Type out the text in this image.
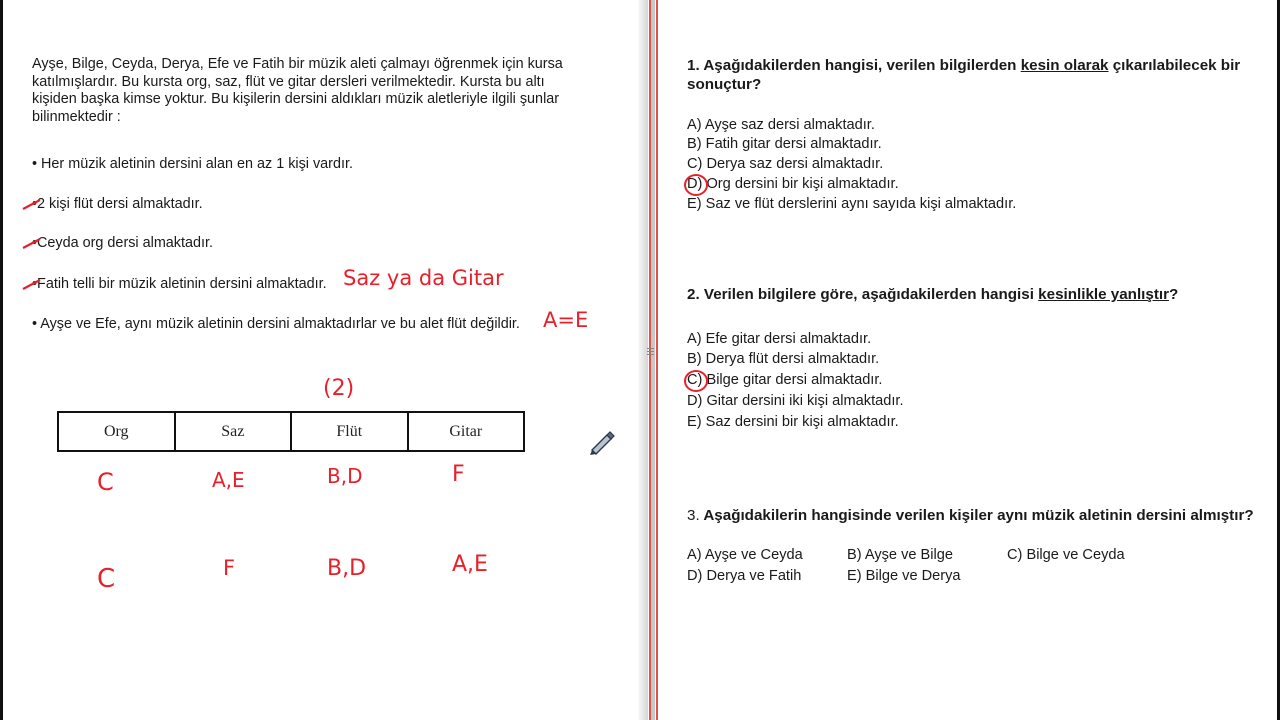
Ayşe, Bilge, Ceyda, Derya, Efe ve Fatih bir müzik aleti çalmayı öğrenmek için kursa katılmışlardır. Bu kursta org, saz, flüt ve gitar dersleri verilmektedir. Kursta bu altı kişiden başka kimse yoktur. Bu kişilerin dersini aldıkları müzik aletleriyle ilgili şunlar bilinmektedir :

• Her müzik aletinin dersini alan en az 1 kişi vardır.

•2 kişi flüt dersi almaktadır.

•Ceyda org dersi almaktadır.

•Fatih telli bir müzik aletinin dersini almaktadır.

• Ayşe ve Efe, aynı müzik aletinin dersini almaktadırlar ve bu alet flüt değildir.

Saz ya da Gitar
A=E
(2)
Org	Saz	Flüt	Gitar
C	A,E	B,D	F
C	F	B,D	A,E

1. Aşağıdakilerden hangisi, verilen bilgilerden kesin olarak çıkarılabilecek bir sonuçtur?

A) Ayşe saz dersi almaktadır.

B) Fatih gitar dersi almaktadır.

C) Derya saz dersi almaktadır.

D) Org dersini bir kişi almaktadır.

E) Saz ve flüt derslerini aynı sayıda kişi almaktadır.

2. Verilen bilgilere göre, aşağıdakilerden hangisi kesinlikle yanlıştır?

A) Efe gitar dersi almaktadır.

B) Derya flüt dersi almaktadır.

C) Bilge gitar dersi almaktadır.

D) Gitar dersini iki kişi almaktadır.

E) Saz dersini bir kişi almaktadır.

3. Aşağıdakilerin hangisinde verilen kişiler aynı müzik aletinin dersini almıştır?

A) Ayşe ve Ceyda	B) Ayşe ve Bilge	C) Bilge ve Ceyda
D) Derya ve Fatih	E) Bilge ve Derya
